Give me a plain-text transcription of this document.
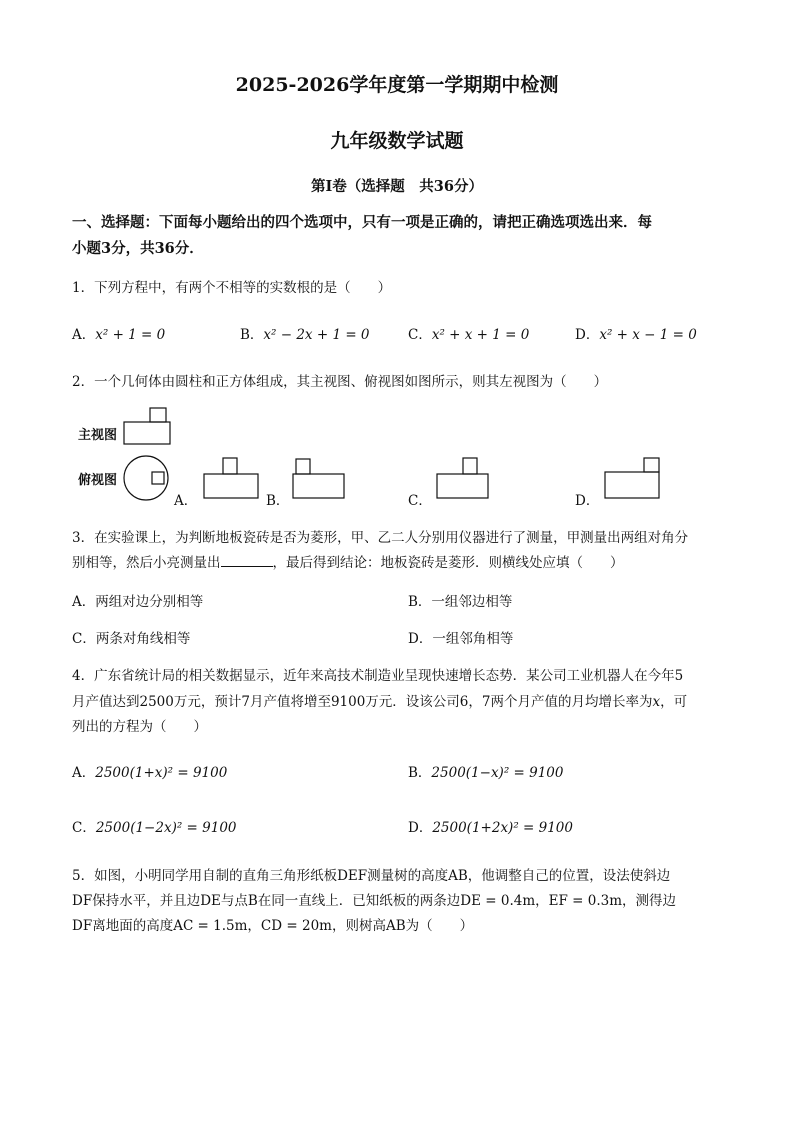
2025-2026学年度第一学期期中检测
九年级数学试题
第Ⅰ卷（选择题　共36分）
一、选择题：下面每小题给出的四个选项中，只有一项是正确的，请把正确选项选出来．每
小题3分，共36分．
1．下列方程中，有两个不相等的实数根的是（　　）
A．x² + 1 = 0	B．x² − 2x + 1 = 0	C．x² + x + 1 = 0	D．x² + x − 1 = 0
2．一个几何体由圆柱和正方体组成，其主视图、俯视图如图所示，则其左视图为（　　）
主视图
俯视图
A．	B．	C．	D．
3．在实验课上，为判断地板瓷砖是否为菱形，甲、乙二人分别用仪器进行了测量，甲测量出两组对角分
别相等，然后小亮测量出	，最后得到结论：地板瓷砖是菱形．则横线处应填（　　）
A．两组对边分别相等	B．一组邻边相等
C．两条对角线相等	D．一组邻角相等
4．广东省统计局的相关数据显示，近年来高技术制造业呈现快速增长态势．某公司工业机器人在今年5
月产值达到2500万元，预计7月产值将增至9100万元．设该公司6，7两个月产值的月均增长率为x，可
列出的方程为（　　）
A．2500(1+x)² = 9100	B．2500(1−x)² = 9100
C．2500(1−2x)² = 9100	D．2500(1+2x)² = 9100
5．如图，小明同学用自制的直角三角形纸板DEF测量树的高度AB，他调整自己的位置，设法使斜边
DF保持水平，并且边DE与点B在同一直线上．已知纸板的两条边DE = 0.4m，EF = 0.3m，测得边
DF离地面的高度AC = 1.5m，CD = 20m，则树高AB为（　　）
